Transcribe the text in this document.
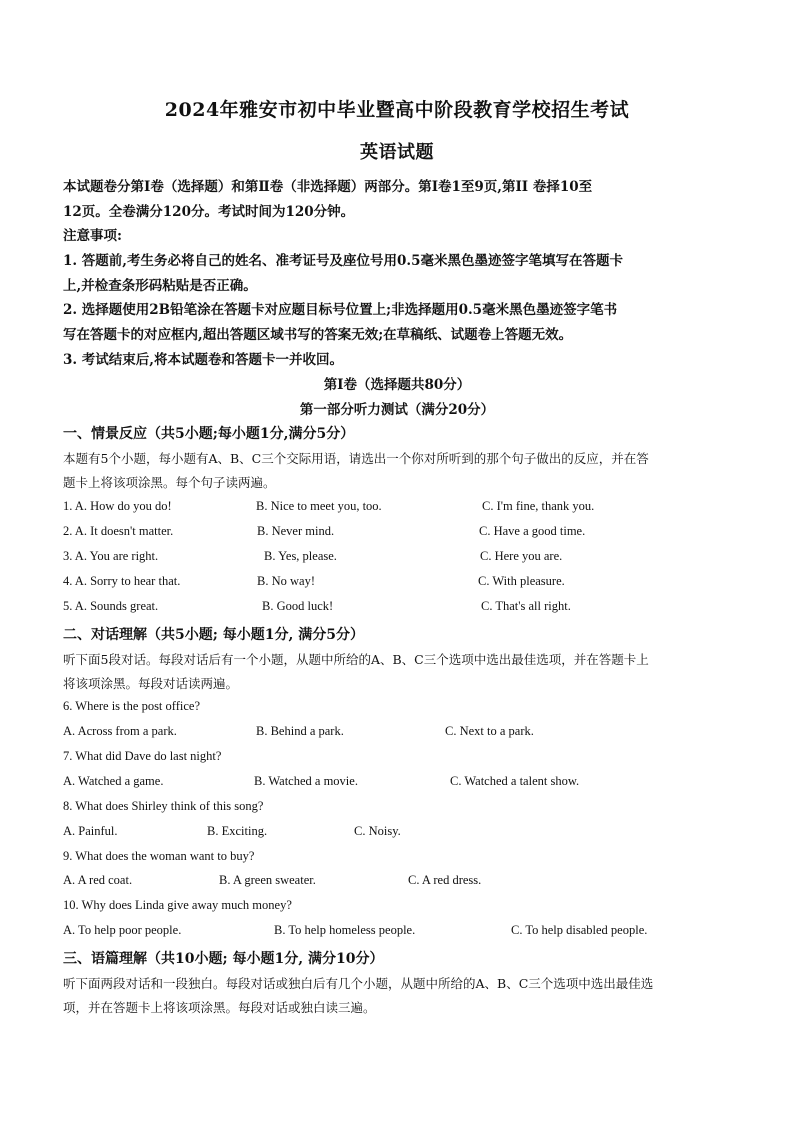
2024年雅安市初中毕业暨高中阶段教育学校招生考试
英语试题
本试题卷分第Ⅰ卷（选择题）和第Ⅱ卷（非选择题）两部分。第Ⅰ卷1至9页,第II 卷择10至
12页。全卷满分120分。考试时间为120分钟。
注意事项:
1. 答题前,考生务必将自己的姓名、准考证号及座位号用0.5毫米黑色墨迹签字笔填写在答题卡
上,并检查条形码粘贴是否正确。
2. 选择题使用2B铅笔涂在答题卡对应题目标号位置上;非选择题用0.5毫米黑色墨迹签字笔书
写在答题卡的对应框内,超出答题区域书写的答案无效;在草稿纸、试题卷上答题无效。
3. 考试结束后,将本试题卷和答题卡一并收回。
第Ⅰ卷（选择题共80分）
第一部分听力测试（满分20分）
一、情景反应（共5小题;每小题1分,满分5分）
本题有5个小题，每小题有A、B、C三个交际用语，请选出一个你对所听到的那个句子做出的反应，并在答
题卡上将该项涂黑。每个句子读两遍。
1. A. How do you do!	B. Nice to meet you, too.	C. I'm fine, thank you.
2. A. It doesn't matter.	B. Never mind.	C. Have a good time.
3. A. You are right.	B. Yes, please.	C. Here you are.
4. A. Sorry to hear that.	B. No way!	C. With pleasure.
5. A. Sounds great.	B. Good luck!	C. That's all right.
二、对话理解（共5小题; 每小题1分, 满分5分）
听下面5段对话。每段对话后有一个小题，从题中所给的A、B、C三个选项中选出最佳选项，并在答题卡上
将该项涂黑。每段对话读两遍。
6. Where is the post office?
A. Across from a park.	B. Behind a park.	C. Next to a park.
7. What did Dave do last night?
A. Watched a game.	B. Watched a movie.	C. Watched a talent show.
8. What does Shirley think of this song?
A. Painful.	B. Exciting.	C. Noisy.
9. What does the woman want to buy?
A. A red coat.	B. A green sweater.	C. A red dress.
10. Why does Linda give away much money?
A. To help poor people.	B. To help homeless people.	C. To help disabled people.
三、语篇理解（共10小题; 每小题1分, 满分10分）
听下面两段对话和一段独白。每段对话或独白后有几个小题，从题中所给的A、B、C三个选项中选出最佳选
项，并在答题卡上将该项涂黑。每段对话或独白读三遍。
